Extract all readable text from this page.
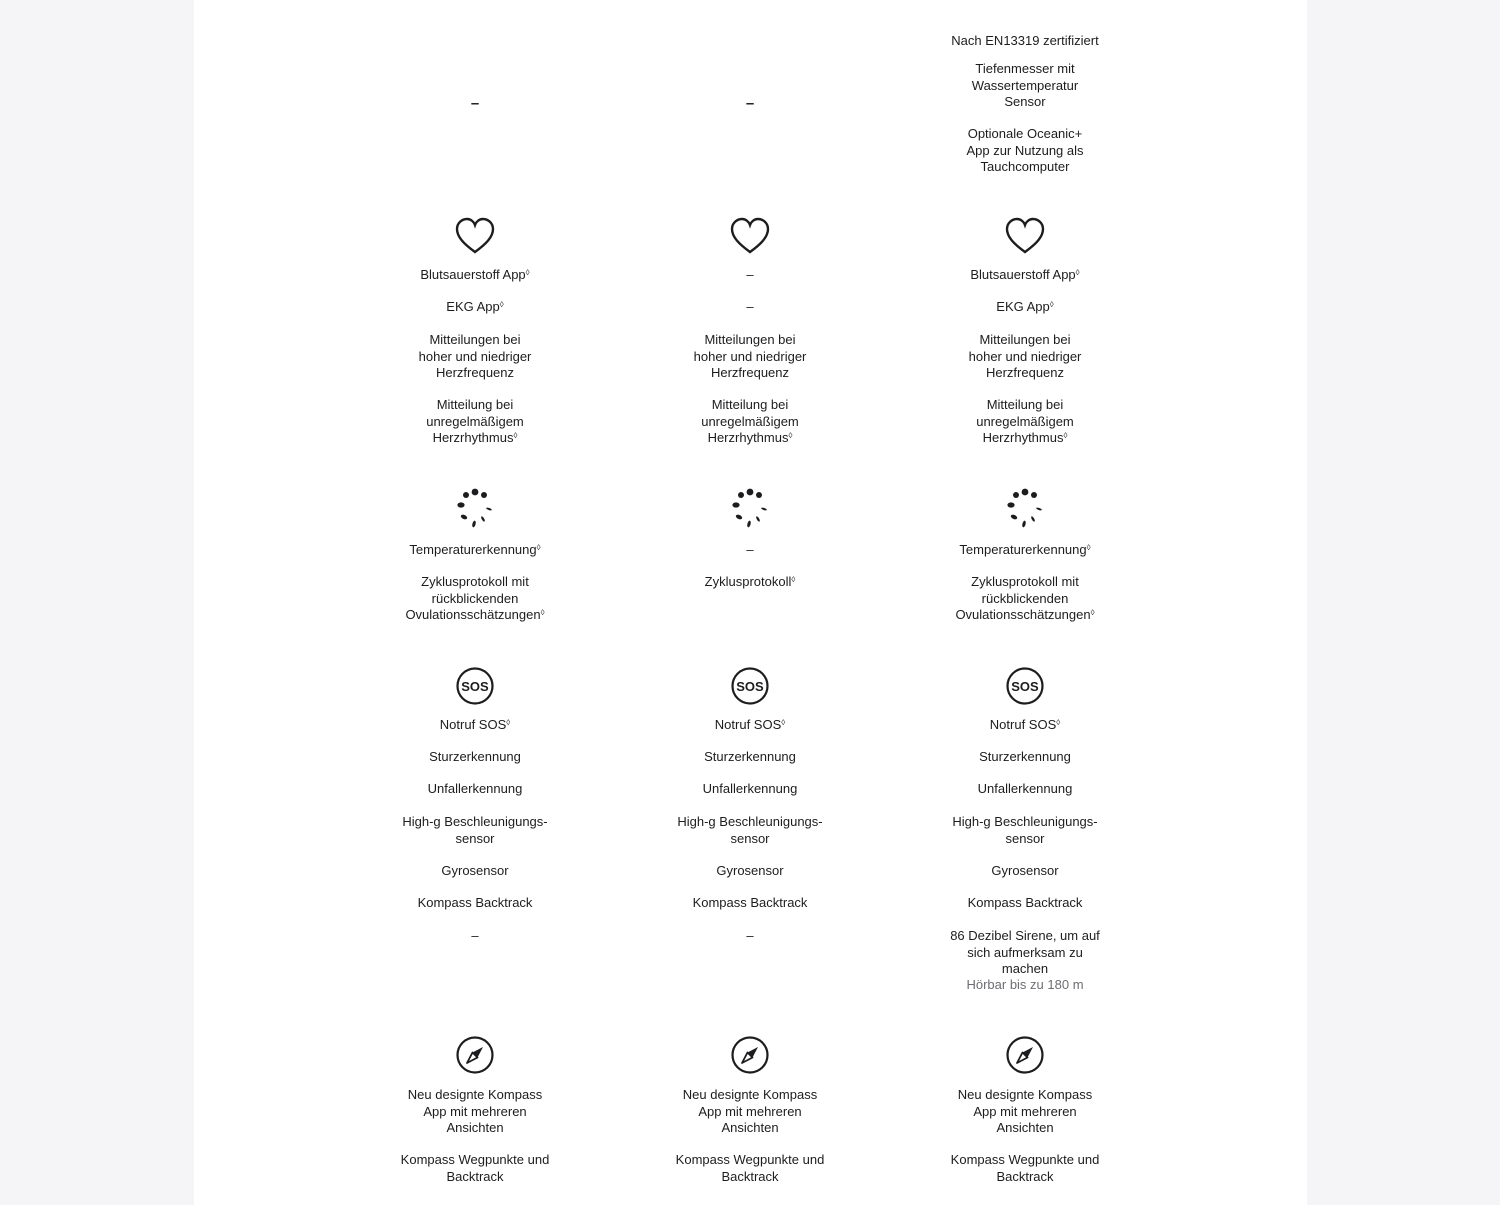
–
Blutsauerstoff App◊
EKG App◊
Mitteilungen bei hoher und niedriger Herzfrequenz
Mitteilung bei unregelmäßigem Herzrhythmus◊
Temperaturerkennung◊
Zyklusprotokoll mit rückblickenden Ovulationsschätzungen◊
SOS
Notruf SOS◊
Sturzerkennung
Unfallerkennung
High-g Beschleunigungs-sensor
Gyrosensor
Kompass Backtrack
–
Neu designte Kompass App mit mehreren Ansichten
Kompass Wegpunkte und Backtrack
–
–
–
Mitteilungen bei hoher und niedriger Herzfrequenz
Mitteilung bei unregelmäßigem Herzrhythmus◊
–
Zyklusprotokoll◊
SOS
Notruf SOS◊
Sturzerkennung
Unfallerkennung
High-g Beschleunigungs-sensor
Gyrosensor
Kompass Backtrack
–
Neu designte Kompass App mit mehreren Ansichten
Kompass Wegpunkte und Backtrack
Nach EN13319 zertifiziert
Tiefenmesser mit Wassertemperatur Sensor
Optionale Oceanic+ App zur Nutzung als Tauchcomputer
Blutsauerstoff App◊
EKG App◊
Mitteilungen bei hoher und niedriger Herzfrequenz
Mitteilung bei unregelmäßigem Herzrhythmus◊
Temperaturerkennung◊
Zyklusprotokoll mit rückblickenden Ovulationsschätzungen◊
SOS
Notruf SOS◊
Sturzerkennung
Unfallerkennung
High-g Beschleunigungs-sensor
Gyrosensor
Kompass Backtrack
86 Dezibel Sirene, um auf sich aufmerksam zu machen
Hörbar bis zu 180 m
Neu designte Kompass App mit mehreren Ansichten
Kompass Wegpunkte und Backtrack
